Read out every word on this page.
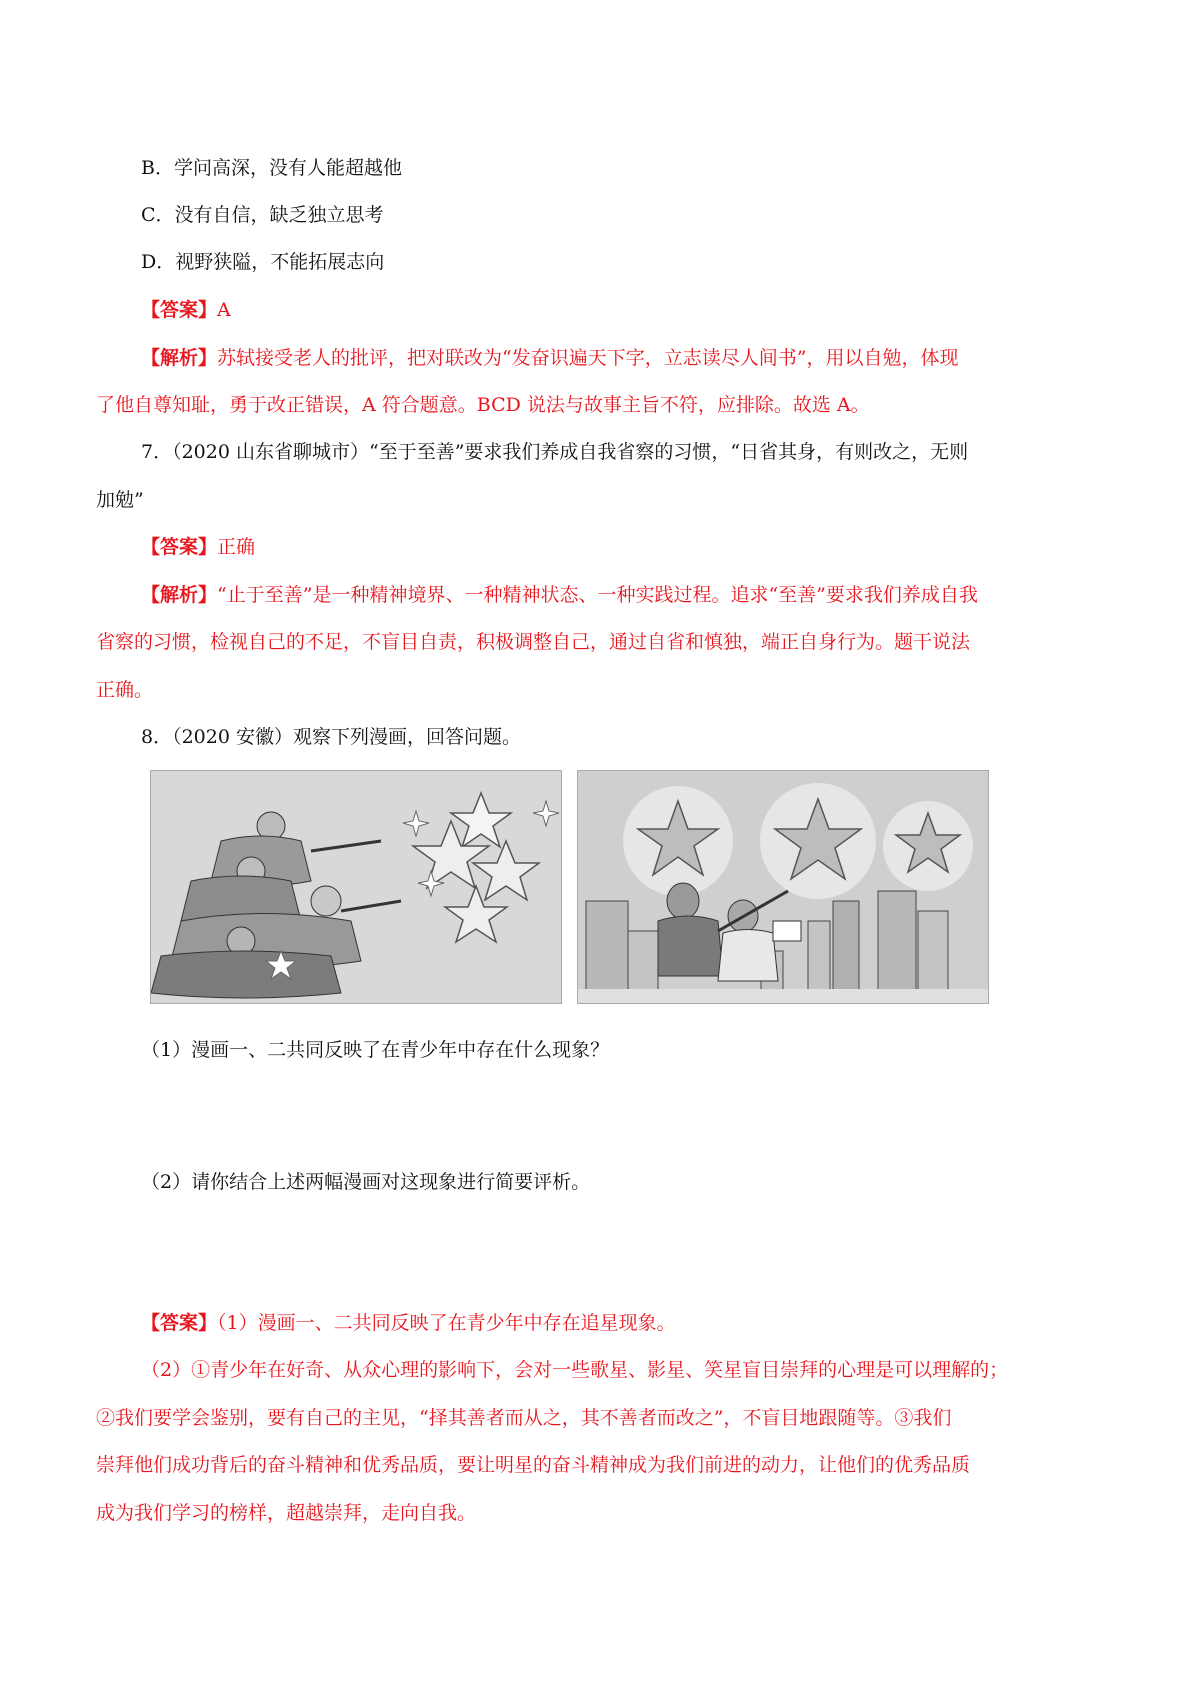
B．学问高深，没有人能超越他
C．没有自信，缺乏独立思考
D．视野狭隘，不能拓展志向
【答案】A
【解析】苏轼接受老人的批评，把对联改为“发奋识遍天下字，立志读尽人间书”，用以自勉，体现
了他自尊知耻，勇于改正错误，A 符合题意。BCD 说法与故事主旨不符，应排除。故选 A。
7．（2020 山东省聊城市）“至于至善”要求我们养成自我省察的习惯，“日省其身，有则改之，无则
加勉”
【答案】正确
【解析】“止于至善”是一种精神境界、一种精神状态、一种实践过程。追求“至善”要求我们养成自我
省察的习惯，检视自己的不足，不盲目自责，积极调整自己，通过自省和慎独，端正自身行为。题干说法
正确。
8．（2020 安徽）观察下列漫画，回答问题。
（1）漫画一、二共同反映了在青少年中存在什么现象？
（2）请你结合上述两幅漫画对这现象进行简要评析。
【答案】（1）漫画一、二共同反映了在青少年中存在追星现象。
（2）①青少年在好奇、从众心理的影响下，会对一些歌星、影星、笑星盲目崇拜的心理是可以理解的；
②我们要学会鉴别，要有自己的主见，“择其善者而从之，其不善者而改之”，不盲目地跟随等。③我们
崇拜他们成功背后的奋斗精神和优秀品质，要让明星的奋斗精神成为我们前进的动力，让他们的优秀品质
成为我们学习的榜样，超越崇拜，走向自我。
